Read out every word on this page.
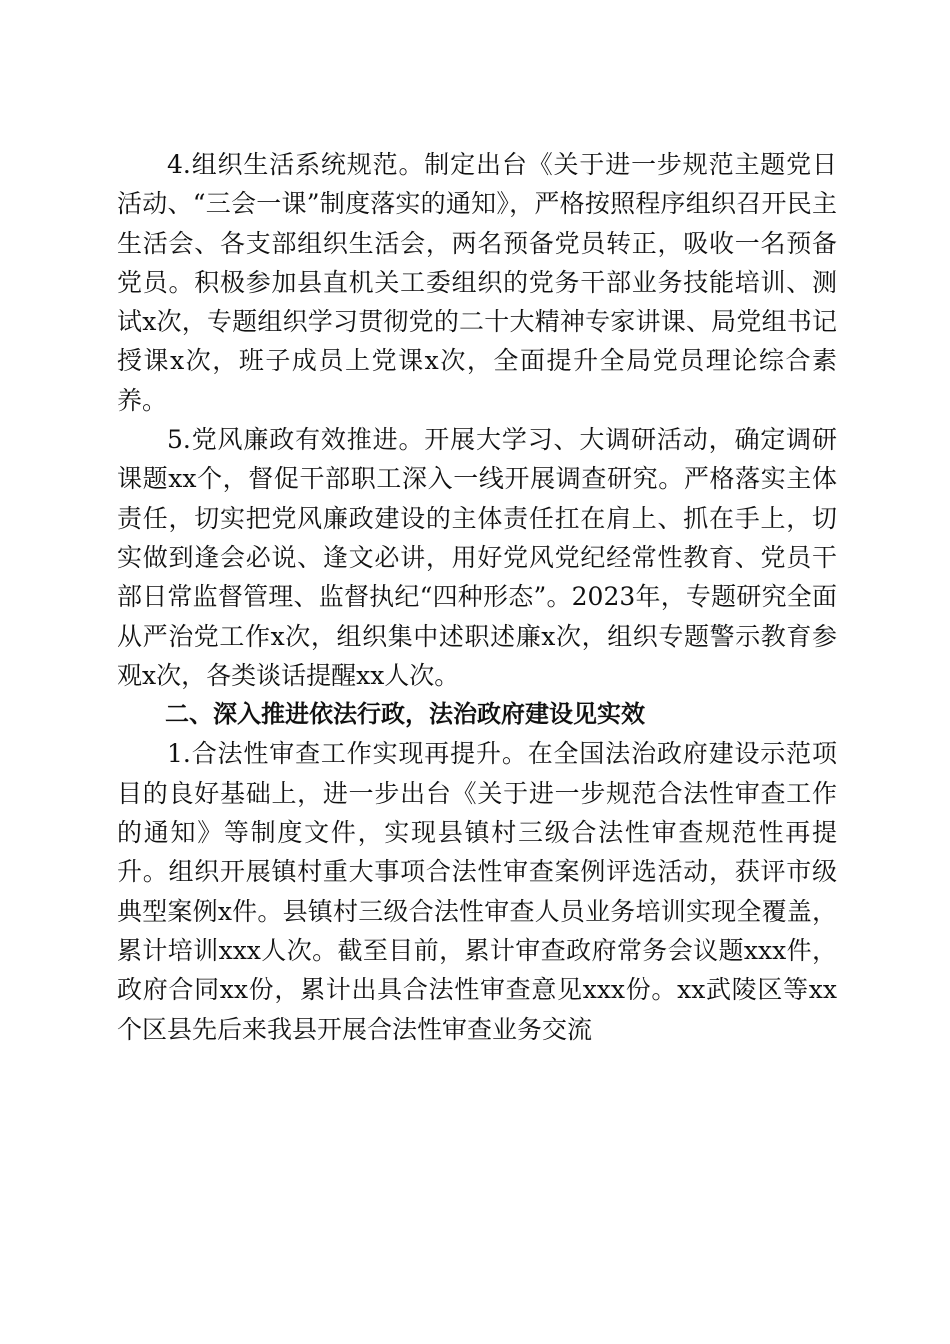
4.组织生活系统规范。制定出台《关于进一步规范主题党日活动、“三会一课”制度落实的通知》，严格按照程序组织召开民主生活会、各支部组织生活会，两名预备党员转正，吸收一名预备党员。积极参加县直机关工委组织的党务干部业务技能培训、测试x次，专题组织学习贯彻党的二十大精神专家讲课、局党组书记授课x次，班子成员上党课x次，全面提升全局党员理论综合素养。

5.党风廉政有效推进。开展大学习、大调研活动，确定调研课题xx个，督促干部职工深入一线开展调查研究。严格落实主体责任，切实把党风廉政建设的主体责任扛在肩上、抓在手上，切实做到逢会必说、逢文必讲，用好党风党纪经常性教育、党员干部日常监督管理、监督执纪“四种形态”。2023年，专题研究全面从严治党工作x次，组织集中述职述廉x次，组织专题警示教育参观x次，各类谈话提醒xx人次。

二、深入推进依法行政，法治政府建设见实效

1.合法性审查工作实现再提升。在全国法治政府建设示范项目的良好基础上，进一步出台《关于进一步规范合法性审查工作的通知》等制度文件，实现县镇村三级合法性审查规范性再提升。组织开展镇村重大事项合法性审查案例评选活动，获评市级典型案例x件。县镇村三级合法性审查人员业务培训实现全覆盖，累计培训xxx人次。截至目前，累计审查政府常务会议题xxx件，政府合同xx份，累计出具合法性审查意见xxx份。xx武陵区等xx个区县先后来我县开展合法性审查业务交流
